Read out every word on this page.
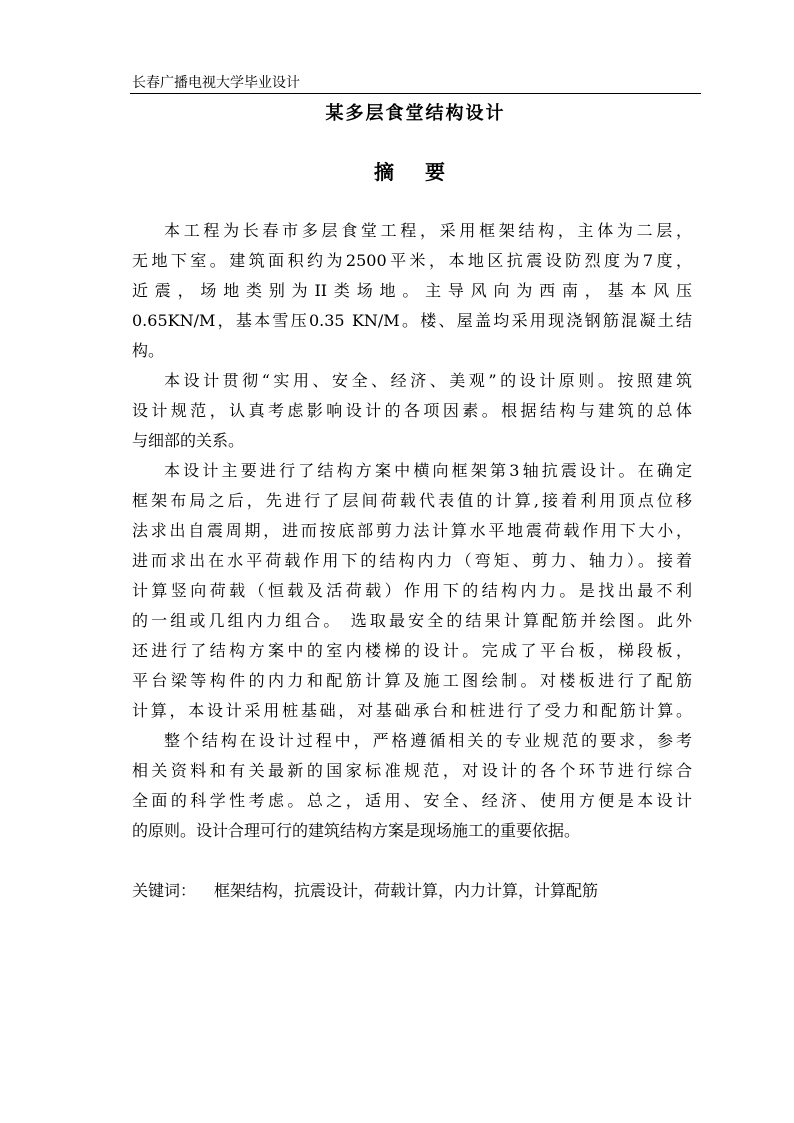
长春广播电视大学毕业设计
某多层食堂结构设计
摘 要
本工程为长春市多层食堂工程，采用框架结构，主体为二层，
无地下室。建筑面积约为2500平米，本地区抗震设防烈度为7度，
近震，场地类别为II类场地。主导风向为西南，基本风压
0.65KN/M，基本雪压0.35 KN/M。楼、屋盖均采用现浇钢筋混凝土结
构。
本设计贯彻“实用、安全、经济、美观”的设计原则。按照建筑
设计规范，认真考虑影响设计的各项因素。根据结构与建筑的总体
与细部的关系。
本设计主要进行了结构方案中横向框架第3轴抗震设计。在确定
框架布局之后，先进行了层间荷载代表值的计算,接着利用顶点位移
法求出自震周期，进而按底部剪力法计算水平地震荷载作用下大小，
进而求出在水平荷载作用下的结构内力（弯矩、剪力、轴力）。接着
计算竖向荷载（恒载及活荷载）作用下的结构内力。是找出最不利
的一组或几组内力组合。 选取最安全的结果计算配筋并绘图。此外
还进行了结构方案中的室内楼梯的设计。完成了平台板，梯段板，
平台梁等构件的内力和配筋计算及施工图绘制。对楼板进行了配筋
计算，本设计采用桩基础，对基础承台和桩进行了受力和配筋计算。
整个结构在设计过程中，严格遵循相关的专业规范的要求，参考
相关资料和有关最新的国家标准规范，对设计的各个环节进行综合
全面的科学性考虑。总之，适用、安全、经济、使用方便是本设计
的原则。设计合理可行的建筑结构方案是现场施工的重要依据。
关键词： 框架结构，抗震设计，荷载计算，内力计算，计算配筋
